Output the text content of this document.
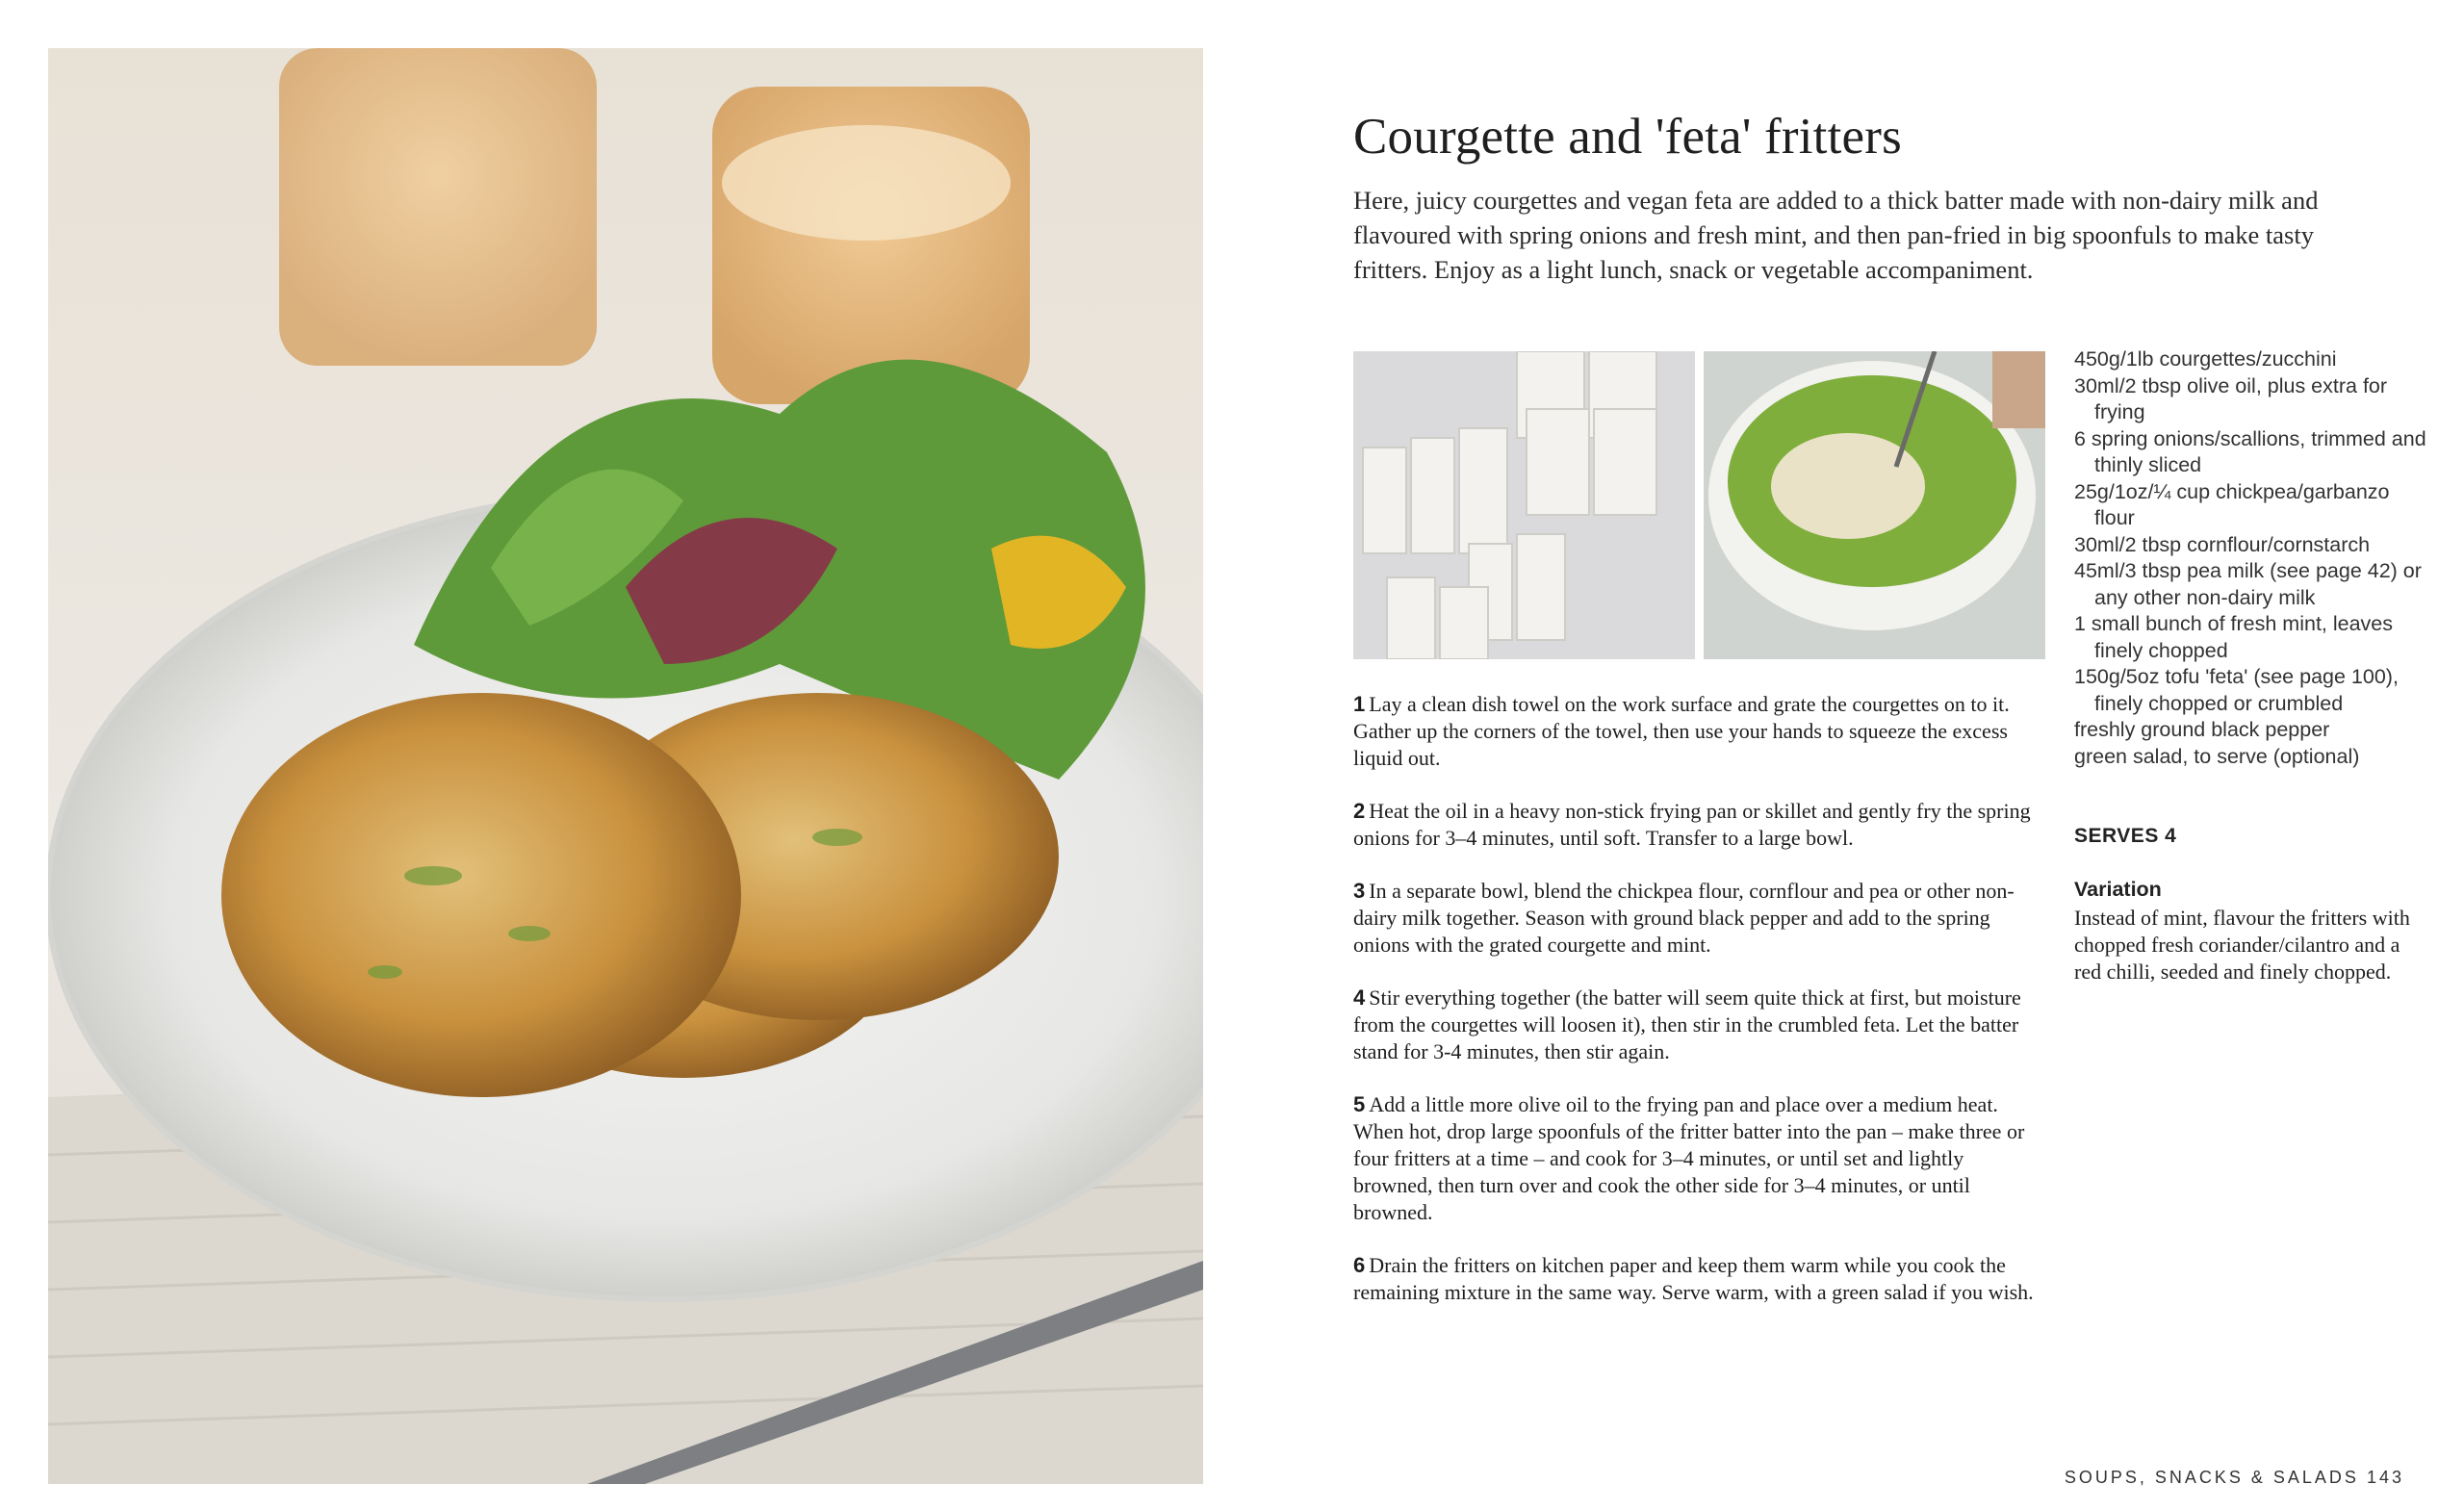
Courgette and 'feta' fritters
Here, juicy courgettes and vegan feta are added to a thick batter made with non-dairy milk and flavoured with spring onions and fresh mint, and then pan-fried in big spoonfuls to make tasty fritters. Enjoy as a light lunch, snack or vegetable accompaniment.
1 Lay a clean dish towel on the work surface and grate the courgettes on to it. Gather up the corners of the towel, then use your hands to squeeze the excess liquid out.
2 Heat the oil in a heavy non-stick frying pan or skillet and gently fry the spring onions for 3–4 minutes, until soft. Transfer to a large bowl.
3 In a separate bowl, blend the chickpea flour, cornflour and pea or other non-dairy milk together. Season with ground black pepper and add to the spring onions with the grated courgette and mint.
4 Stir everything together (the batter will seem quite thick at first, but moisture from the courgettes will loosen it), then stir in the crumbled feta. Let the batter stand for 3-4 minutes, then stir again.
5 Add a little more olive oil to the frying pan and place over a medium heat. When hot, drop large spoonfuls of the fritter batter into the pan – make three or four fritters at a time – and cook for 3–4 minutes, or until set and lightly browned, then turn over and cook the other side for 3–4 minutes, or until browned.
6 Drain the fritters on kitchen paper and keep them warm while you cook the remaining mixture in the same way. Serve warm, with a green salad if you wish.
450g/1lb courgettes/zucchini
30ml/2 tbsp olive oil, plus extra for frying
6 spring onions/scallions, trimmed and thinly sliced
25g/1oz/¼ cup chickpea/garbanzo flour
30ml/2 tbsp cornflour/cornstarch
45ml/3 tbsp pea milk (see page 42) or any other non-dairy milk
1 small bunch of fresh mint, leaves finely chopped
150g/5oz tofu 'feta' (see page 100), finely chopped or crumbled
freshly ground black pepper
green salad, to serve (optional)
SERVES 4
Variation
Instead of mint, flavour the fritters with chopped fresh coriander/cilantro and a red chilli, seeded and finely chopped.
SOUPS, SNACKS & SALADS 143
